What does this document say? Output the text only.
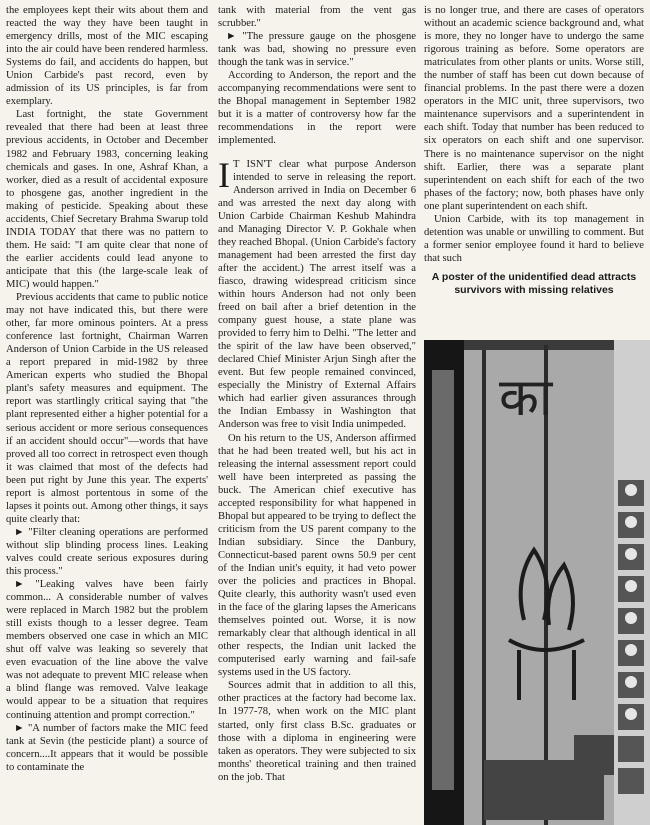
the employees kept their wits about them and reacted the way they have been taught in emergency drills, most of the MIC escaping into the air could have been rendered harmless. Systems do fail, and accidents do happen, but Union Carbide's past record, even by admission of its US principles, is far from exemplary.

Last fortnight, the state Government revealed that there had been at least three previous accidents, in October and December 1982 and February 1983, concerning leaking chemicals and gases. In one, Ashraf Khan, a worker, died as a result of accidental exposure to phosgene gas, another ingredient in the making of pesticide. Speaking about these accidents, Chief Secretary Brahma Swarup told INDIA TODAY that there was no pattern to them. He said: "I am quite clear that none of the earlier accidents could lead anyone to anticipate that this (the large-scale leak of MIC) would happen."

Previous accidents that came to public notice may not have indicated this, but there were other, far more ominous pointers. At a press conference last fortnight, Chairman Warren Anderson of Union Carbide in the US released a report prepared in mid-1982 by three American experts who studied the Bhopal plant's safety measures and equipment. The report was startlingly critical saying that "the plant represented either a higher potential for a serious accident or more serious consequences if an accident should occur"—words that have proved all too correct in retrospect even though it was claimed that most of the defects had been put right by June this year. The experts' report is almost portentous in some of the lapses it points out. Among other things, it says quite clearly that:

► "Filter cleaning operations are performed without slip blinding process lines. Leaking valves could create serious exposures during this process."

► "Leaking valves have been fairly common... A considerable number of valves were replaced in March 1982 but the problem still exists though to a lesser degree. Team members observed one case in which an MIC shut off valve was leaking so severely that even evacuation of the line above the valve was not adequate to prevent MIC release when a blind flange was removed. Valve leakage would appear to be a situation that requires continuing attention and prompt correction."

► "A number of factors make the MIC feed tank at Sevin (the pesticide plant) a source of concern....It appears that it would be possible to contaminate the

tank with material from the vent gas scrubber."

► "The pressure gauge on the phosgene tank was bad, showing no pressure even though the tank was in service."

According to Anderson, the report and the accompanying recommendations were sent to the Bhopal management in September 1982 but it is a matter of controversy how far the recommendations in the report were implemented.

I T ISN'T clear what purpose Anderson intended to serve in releasing the report. Anderson arrived in India on December 6 and was arrested the next day along with Union Carbide Chairman Keshub Mahindra and Managing Director V. P. Gokhale when they reached Bhopal. (Union Carbide's factory management had been arrested the first day after the accident.) The arrest itself was a fiasco, drawing widespread criticism since within hours Anderson had not only been freed on bail after a brief detention in the company guest house, a state plane was provided to ferry him to Delhi. "The letter and the spirit of the law have been observed," declared Chief Minister Arjun Singh after the event. But few people remained convinced, especially the Ministry of External Affairs which had earlier given assurances through the Indian Embassy in Washington that Anderson was free to visit India unimpeded.

On his return to the US, Anderson affirmed that he had been treated well, but his act in releasing the internal assessment report could well have been interpreted as passing the buck. The American chief executive has accepted responsibility for what happened in Bhopal but appeared to be trying to deflect the criticism from the US parent company to the Indian subsidiary. Since the Danbury, Connecticut-based parent owns 50.9 per cent of the Indian unit's equity, it had veto power over the policies and practices in Bhopal. Quite clearly, this authority wasn't used even in the face of the glaring lapses the Americans themselves pointed out. Worse, it is now remarkably clear that although identical in all other respects, the Indian unit lacked the computerised early warning and fail-safe systems used in the US factory.

Sources admit that in addition to all this, other practices at the factory had become lax. In 1977-78, when work on the MIC plant started, only first class B.Sc. graduates or those with a diploma in engineering were taken as operators. They were subjected to six months' theoretical training and then trained on the job. That

is no longer true, and there are cases of operators without an academic science background and, what is more, they no longer have to undergo the same rigorous training as before. Some operators are matriculates from other plants or units. Worse still, the number of staff has been cut down because of financial problems. In the past there were a dozen operators in the MIC unit, three supervisors, two maintenance supervisors and a superintendent in each shift. Today that number has been reduced to six operators on each shift and one supervisor. There is no maintenance supervisor on the night shift. Earlier, there was a separate plant superintendent on each shift for each of the two phases of the factory; now, both phases have only one plant superintendent on each shift.

Union Carbide, with its top management in detention was unable or unwilling to comment. But a former senior employee found it hard to believe that such

A poster of the unidentified dead attracts survivors with missing relatives
का
